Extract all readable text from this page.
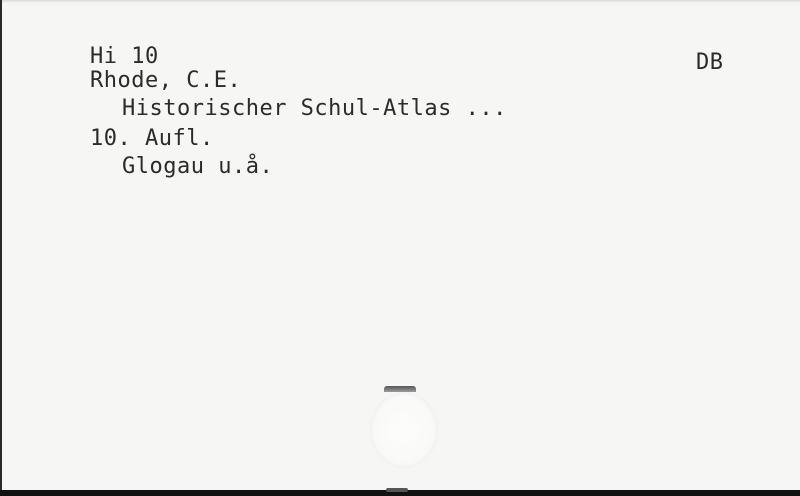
Hi 10	DB
Rhode, C.E.
Historischer Schul-Atlas ...
10. Aufl.
Glogau u.å.
